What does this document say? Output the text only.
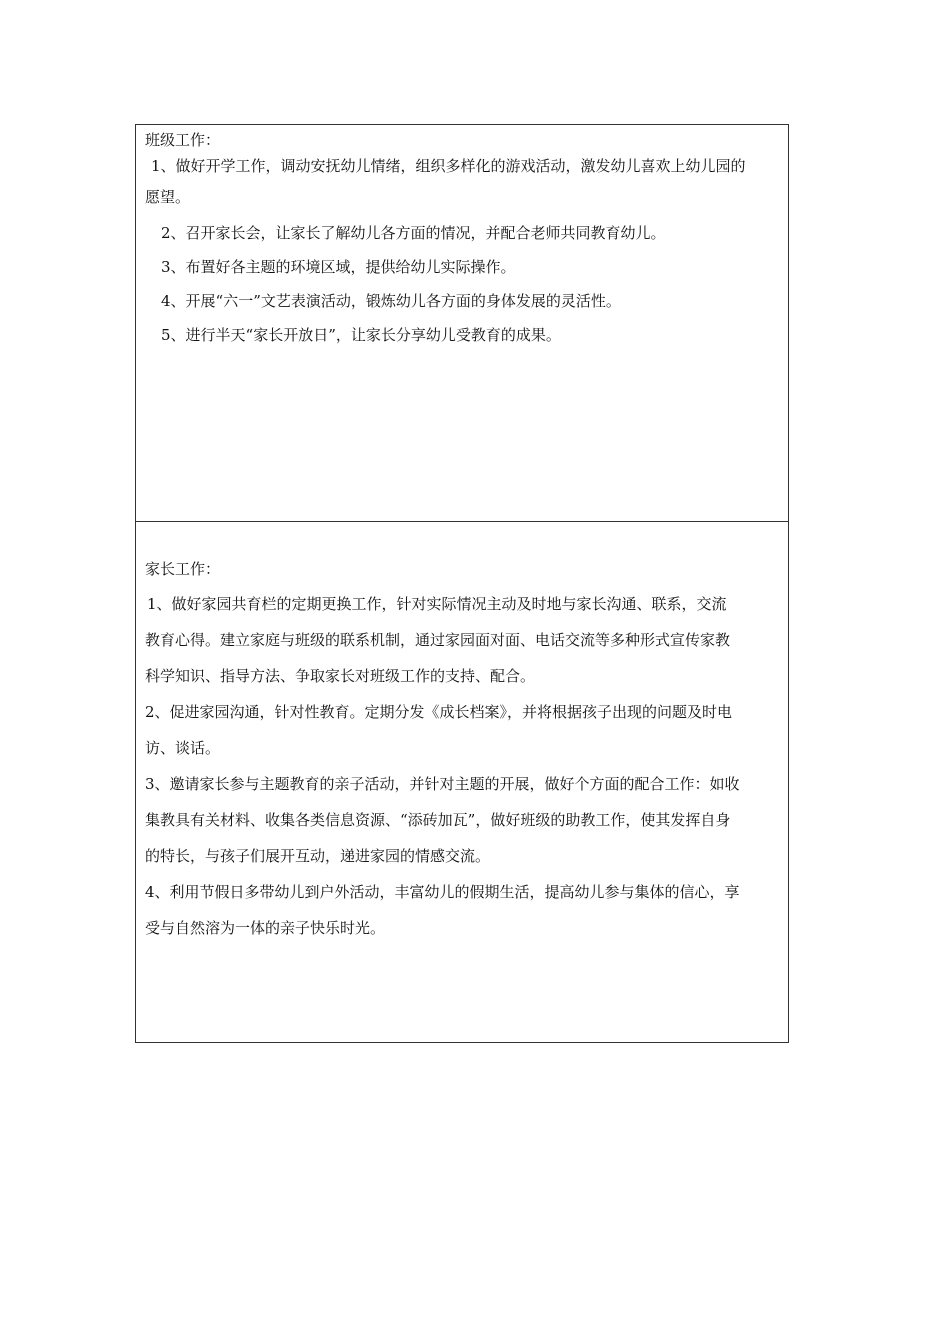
班级工作：
1、做好开学工作，调动安抚幼儿情绪，组织多样化的游戏活动，激发幼儿喜欢上幼儿园的
愿望。
2、召开家长会，让家长了解幼儿各方面的情况，并配合老师共同教育幼儿。
3、布置好各主题的环境区域，提供给幼儿实际操作。
4、开展“六一”文艺表演活动，锻炼幼儿各方面的身体发展的灵活性。
5、进行半天“家长开放日”，让家长分享幼儿受教育的成果。
家长工作：
1、做好家园共育栏的定期更换工作，针对实际情况主动及时地与家长沟通、联系，交流
教育心得。建立家庭与班级的联系机制，通过家园面对面、电话交流等多种形式宣传家教
科学知识、指导方法、争取家长对班级工作的支持、配合。
2、促进家园沟通，针对性教育。定期分发《成长档案》，并将根据孩子出现的问题及时电
访、谈话。
3、邀请家长参与主题教育的亲子活动，并针对主题的开展，做好个方面的配合工作：如收
集教具有关材料、收集各类信息资源、“添砖加瓦”，做好班级的助教工作，使其发挥自身
的特长，与孩子们展开互动，递进家园的情感交流。
4、利用节假日多带幼儿到户外活动，丰富幼儿的假期生活，提高幼儿参与集体的信心，享
受与自然溶为一体的亲子快乐时光。
